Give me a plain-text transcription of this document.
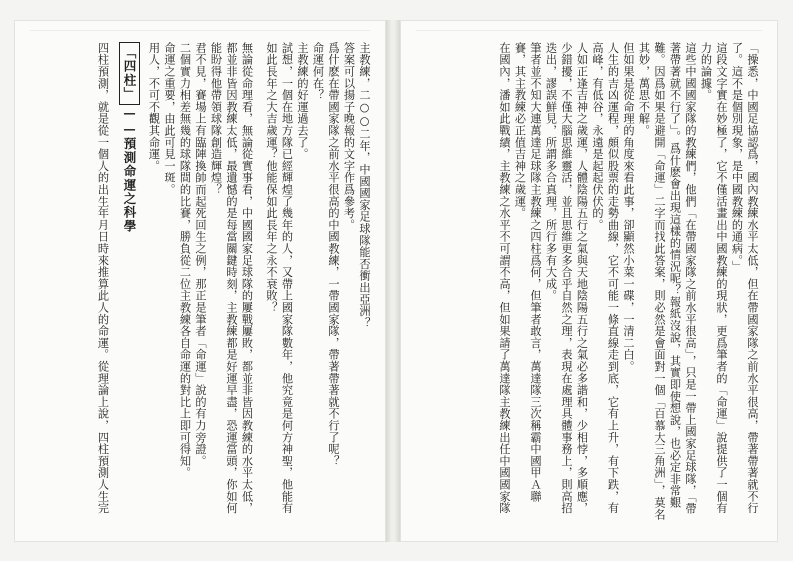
主教練，二○○二年，中國國家足球隊能否衝出亞洲？

答案可以揚子晚報的文字作爲參考。

爲什麽在帶國家隊之前水平很高的中國教練，一帶國家隊，帶著帶著就不行了呢？

命運何在？

主教練的好運過去了。

試想，一個在地方隊已經輝煌了幾年的人，又帶上國家隊數年，他究竟是何方神聖，他能有如此長年之大吉歲運？他能保如此長年之永不衰敗？

無論從命理看，無論從實事看，中國國家足球隊的屢戰屢敗，都並非皆因教練的水平太低，都並非皆因教練太低，最遺憾的是每當關鍵時刻，主教練都是好運早盡，恐運當頭，你如何能盼得他帶領球隊創造輝煌？

君不見，賽場上有臨陣換帥而起死回生之例，那正是筆者「命運」說的有力旁證。

二個實力相差無幾的球隊間的比賽，勝負從二位主教練各自命運的對比上即可得知。

命運之重要，由此可見一斑。

用人，不可不觀其命運。

「四柱」——預測命運之科學

四柱預測，就是從一個人的出生年月日時來推算此人的命運。從理論上說，四柱預測人生完	「操悉，中國足協認爲，國內教練水平太低，但在帶國家隊之前水平很高，帶著帶著就不行了。這不是個別現象，是中國教練的通病。」

這段文字實在妙極了，它不僅活畫出中國教練的現狀，更爲筆者的「命運」說提供了一個有力的論據。

這些中國國家隊的教練們，他們「在帶國家隊之前水平很高」，只是一帶上國家足球隊，「帶著帶著就不行了」。爲什麽會出現這樣的情況呢？報紙沒說，其實即使想說，也必定非常艱難。因爲如果是避開「命運」二字而找此答案，則必然是會面對一個「百慕大三角洲」，莫名其妙，萬思不解。

但如果是從命理的角度來看此事，卻顯然小菜一碟，一清二白。

人生的吉凶運程，頗似股票的走勢曲線，它不可能一條直線走到底，它有上升，有下跌，有高峰，有低谷，永遠是起起伏伏的。

人如正逢吉神之歲運，人體陰陽五行之氣與天地陰陽五行之氣必多諧和，少相悖，多順應，少錯擾，不僅大腦思維靈活，並且思維更多合乎自然之理，表現在處理具體事務上，則高招迭出，謬誤鮮見，所謂多合真理，所行多有大成。

筆者並不知大連萬達足球隊主教練之四柱爲何，但筆者敢言，萬達隊三次稱霸中國甲Ａ聯賽，其主教練必正值吉神之歲運。

在國內，潘如此戰績，主教練之水平不可謂不高，但如果請了萬達隊主教練出任中國國家隊
